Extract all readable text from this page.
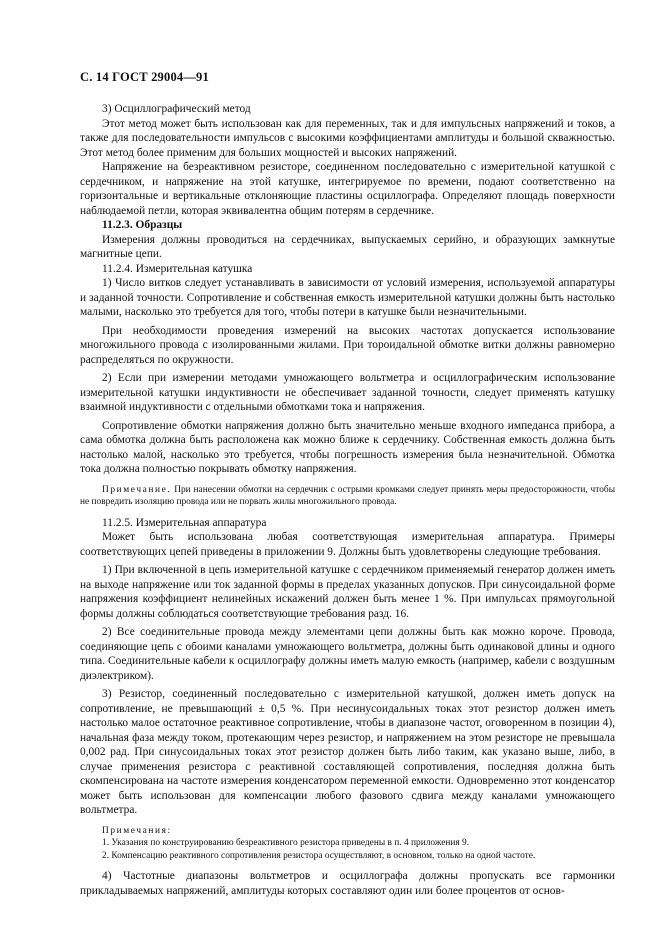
С. 14 ГОСТ 29004—91

3) Осциллографический метод

Этот метод может быть использован как для переменных, так и для импульсных напряжений и токов, а также для последовательности импульсов с высокими коэффициентами амплитуды и большой скважностью. Этот метод более применим для больших мощностей и высоких напряжений.

Напряжение на безреактивном резисторе, соединенном последовательно с измерительной катушкой с сердечником, и напряжение на этой катушке, интегрируемое по времени, подают соответственно на горизонтальные и вертикальные отклоняющие пластины осциллографа. Определяют площадь поверхности наблюдаемой петли, которая эквивалентна общим потерям в сердечнике.

11.2.3. Образцы

Измерения должны проводиться на сердечниках, выпускаемых серийно, и образующих замкнутые магнитные цепи.

11.2.4. Измерительная катушка

1) Число витков следует устанавливать в зависимости от условий измерения, используемой аппаратуры и заданной точности. Сопротивление и собственная емкость измерительной катушки должны быть настолько малыми, насколько это требуется для того, чтобы потери в катушке были незначительными.

При необходимости проведения измерений на высоких частотах допускается использование многожильного провода с изолированными жилами. При тороидальной обмотке витки должны равномерно распределяться по окружности.

2) Если при измерении методами умножающего вольтметра и осциллографическим использование измерительной катушки индуктивности не обеспечивает заданной точности, следует применять катушку взаимной индуктивности с отдельными обмотками тока и напряжения.

Сопротивление обмотки напряжения должно быть значительно меньше входного импеданса прибора, а сама обмотка должна быть расположена как можно ближе к сердечнику. Собственная емкость должна быть настолько малой, насколько это требуется, чтобы погрешность измерения была незначительной. Обмотка тока должна полностью покрывать обмотку напряжения.

Примечание. При нанесении обмотки на сердечник с острыми кромками следует принять меры предосторожности, чтобы не повредить изоляцию провода или не порвать жилы многожильного провода.

11.2.5. Измерительная аппаратура

Может быть использована любая соответствующая измерительная аппаратура. Примеры соответствующих цепей приведены в приложении 9. Должны быть удовлетворены следующие требования.

1) При включенной в цепь измерительной катушке с сердечником применяемый генератор должен иметь на выходе напряжение или ток заданной формы в пределах указанных допусков. При синусоидальной форме напряжения коэффициент нелинейных искажений должен быть менее 1 %. При импульсах прямоугольной формы должны соблюдаться соответствующие требования разд. 16.

2) Все соединительные провода между элементами цепи должны быть как можно короче. Провода, соединяющие цепь с обоими каналами умножающего вольтметра, должны быть одинаковой длины и одного типа. Соединительные кабели к осциллографу должны иметь малую емкость (например, кабели с воздушным диэлектриком).

3) Резистор, соединенный последовательно с измерительной катушкой, должен иметь допуск на сопротивление, не превышающий ± 0,5 %. При несинусоидальных токах этот резистор должен иметь настолько малое остаточное реактивное сопротивление, чтобы в диапазоне частот, оговоренном в позиции 4), начальная фаза между током, протекающим через резистор, и напряжением на этом резисторе не превышала 0,002 рад. При синусоидальных токах этот резистор должен быть либо таким, как указано выше, либо, в случае применения резистора с реактивной составляющей сопротивления, последняя должна быть скомпенсирована на частоте измерения конденсатором переменной емкости. Одновременно этот конденсатор может быть использован для компенсации любого фазового сдвига между каналами умножающего вольтметра.

Примечания:

1. Указания по конструированию безреактивного резистора приведены в п. 4 приложения 9.

2. Компенсацию реактивного сопротивления резистора осуществляют, в основном, только на одной частоте.

4) Частотные диапазоны вольтметров и осциллографа должны пропускать все гармоники прикладываемых напряжений, амплитуды которых составляют один или более процентов от основ-
